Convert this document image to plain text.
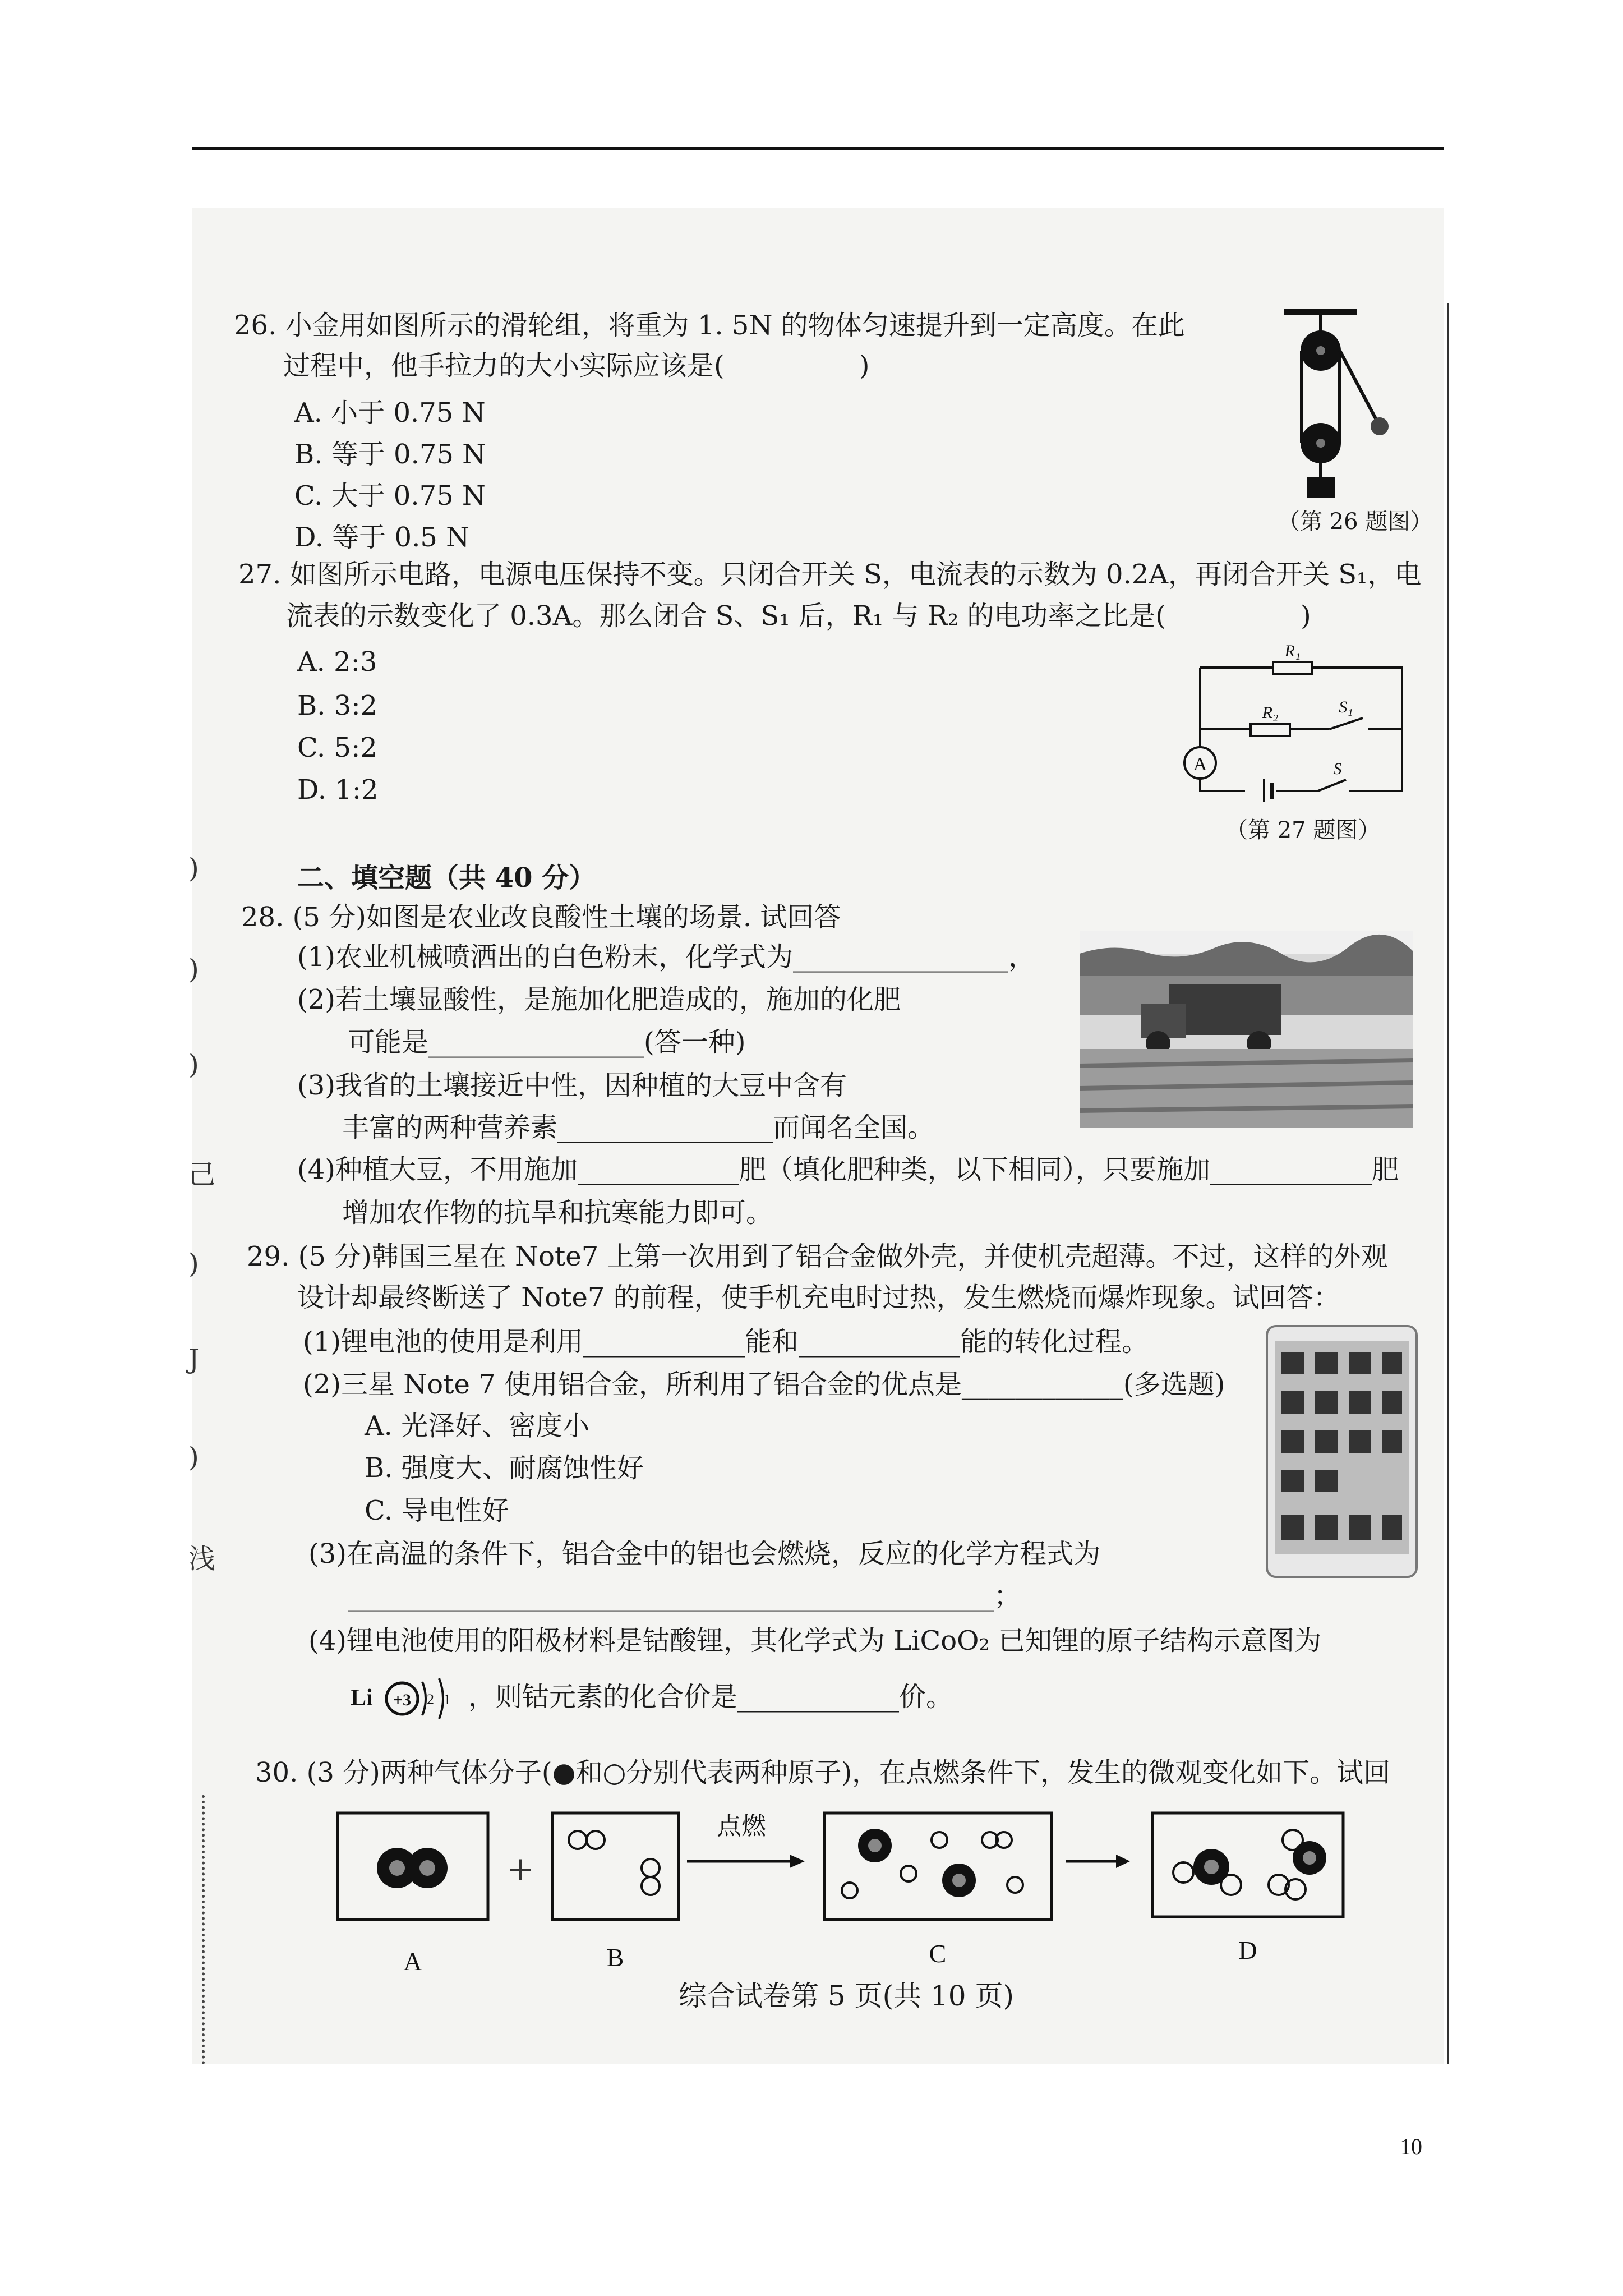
)
)
)
己
)
J
)
浅
26. 小金用如图所示的滑轮组，将重为 1. 5N 的物体匀速提升到一定高度。在此
过程中，他手拉力的大小实际应该是(　　　　　)
A. 小于 0.75 N
B. 等于 0.75 N
C. 大于 0.75 N
D. 等于 0.5 N	（第 26 题图）
27. 如图所示电路，电源电压保持不变。只闭合开关 S，电流表的示数为 0.2A，再闭合开关 S₁，电
流表的示数变化了 0.3A。那么闭合 S、S₁ 后，R₁ 与 R₂ 的电功率之比是(　　　　　)
A. 2:3
B. 3:2
C. 5:2
D. 1:2
A
R₁
R₂	S₁
S
（第 27 题图）
二、填空题（共 40 分）
28. (5 分)如图是农业改良酸性土壤的场景. 试回答
(1)农业机械喷洒出的白色粉末，化学式为________________，
(2)若土壤显酸性，是施加化肥造成的，施加的化肥
可能是________________(答一种)
(3)我省的土壤接近中性，因种植的大豆中含有
丰富的两种营养素________________而闻名全国。
(4)种植大豆，不用施加____________肥（填化肥种类，以下相同），只要施加____________肥
增加农作物的抗旱和抗寒能力即可。
29. (5 分)韩国三星在 Note7 上第一次用到了铝合金做外壳，并使机壳超薄。不过，这样的外观
设计却最终断送了 Note7 的前程，使手机充电时过热，发生燃烧而爆炸现象。试回答：
(1)锂电池的使用是利用____________能和____________能的转化过程。
(2)三星 Note 7 使用铝合金，所利用了铝合金的优点是____________(多选题)
A. 光泽好、密度小
B. 强度大、耐腐蚀性好
C. 导电性好
(3)在高温的条件下，铝合金中的铝也会燃烧，反应的化学方程式为
________________________________________________；
(4)锂电池使用的阳极材料是钴酸锂，其化学式为 LiCoO₂ 已知锂的原子结构示意图为
Li +3 2 1 ，则钴元素的化合价是____________价。
30. (3 分)两种气体分子(●和○分别代表两种原子)，在点燃条件下，发生的微观变化如下。试回
+
点燃
A	B	C	D
综合试卷第 5 页(共 10 页)
10
